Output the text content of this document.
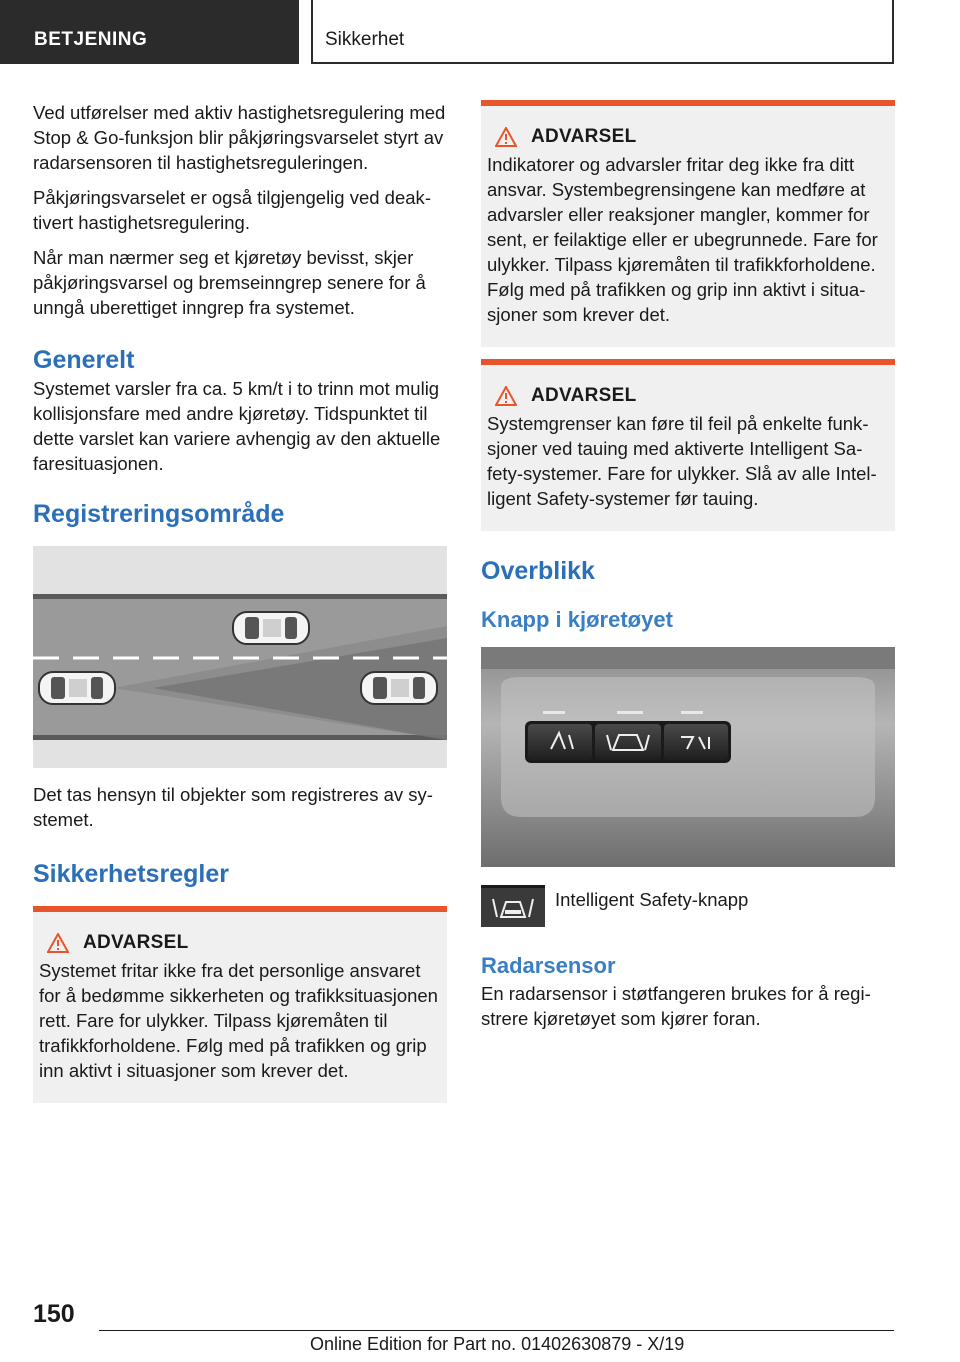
BETJENING	Sikkerhet

Ved utførelser med aktiv hastighetsregulering med Stop & Go-funksjon blir påkjøringsvarselet styrt av radarsensoren til hastighetsreguleringen.

Påkjøringsvarselet er også tilgjengelig ved deaktivert hastighetsregulering.

Når man nærmer seg et kjøretøy bevisst, skjer påkjøringsvarsel og bremseinngrep senere for å unngå uberettiget inngrep fra systemet.

Generelt

Systemet varsler fra ca. 5 km/t i to trinn mot mulig kollisjonsfare med andre kjøretøy. Tidspunktet til dette varslet kan variere avhengig av den aktuelle faresituasjonen.

Registreringsområde

Det tas hensyn til objekter som registreres av systemet.

Sikkerhetsregler
ADVARSEL

Systemet fritar ikke fra det personlige ansvaret for å bedømme sikkerheten og trafikksituasjonen rett. Fare for ulykker. Tilpass kjøremåten til trafikkforholdene. Følg med på trafikken og grip inn aktivt i situasjoner som krever det.

ADVARSEL

Indikatorer og advarsler fritar deg ikke fra ditt ansvar. Systembegrensingene kan medføre at advarsler eller reaksjoner mangler, kommer for sent, er feilaktige eller er ubegrunnede. Fare for ulykker. Tilpass kjøremåten til trafikkforholdene. Følg med på trafikken og grip inn aktivt i situasjoner som krever det.

ADVARSEL

Systemgrenser kan føre til feil på enkelte funksjoner ved tauing med aktiverte Intelligent Safety-systemer. Fare for ulykker. Slå av alle Intelligent Safety-systemer før tauing.

Overblikk
Knapp i kjøretøyet
Intelligent Safety-knapp
Radarsensor

En radarsensor i støtfangeren brukes for å registrere kjøretøyet som kjører foran.

150
Online Edition for Part no. 01402630879 - X/19
